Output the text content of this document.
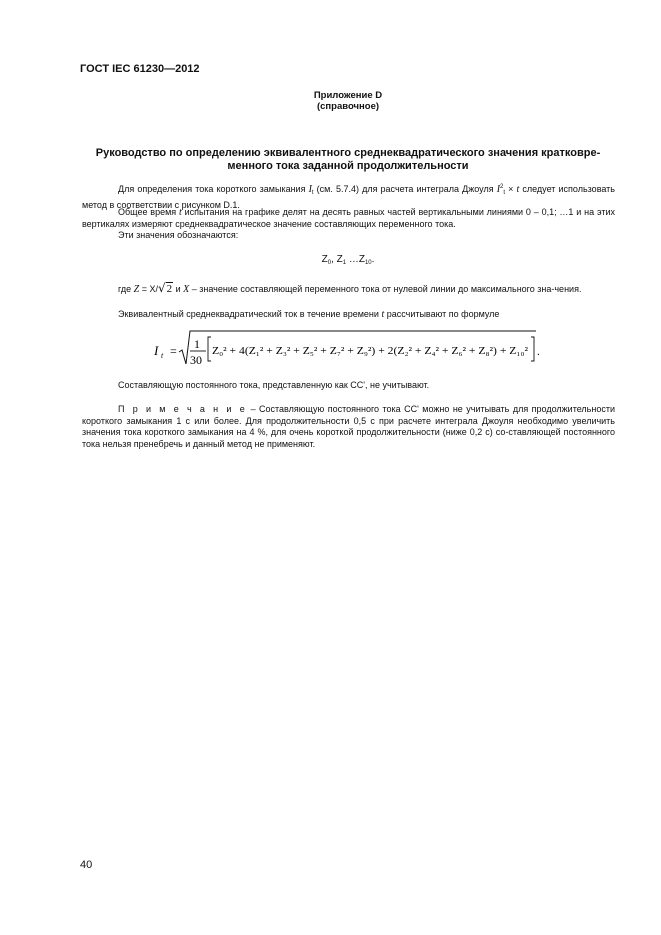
ГОСТ IEC 61230—2012
Приложение D
(справочное)
Руководство по определению эквивалентного среднеквадратического значения кратковре-
менного тока заданной продолжительности
Для определения тока короткого замыкания $I_t$ (см. 5.7.4) для расчета интеграла Джоуля $I^2_t \times t$ следует использовать метод в соответствии с рисунком D.1.
Общее время t испытания на графике делят на десять равных частей вертикальными линиями 0 – 0,1; …1 и на этих вертикалях измеряют среднеквадратическое значение составляющих переменного тока.
Эти значения обозначаются:
$Z_0$, $Z_1$ $\dots Z_{10}$.
где Z = X/√2 и X – значение составляющей переменного тока от нулевой линии до максимального зна-чения.
Эквивалентный среднеквадратический ток в течение времени t рассчитывают по формуле
I t = 1
30
Z₀² + 4(Z₁² + Z₃² + Z₅² + Z₇² + Z₉²) + 2(Z₂² + Z₄² + Z₆² + Z₈²) + Z₁₀² .
Составляющую постоянного тока, представленную как СС', не учитывают.
П р и м е ч а н и е – Составляющую постоянного тока СС' можно не учитывать для продолжительности короткого замыкания 1 с или более. Для продолжительности 0,5 с при расчете интеграла Джоуля необходимо увеличить значения тока короткого замыкания на 4 %, для очень короткой продолжительности (ниже 0,2 с) со-ставляющей постоянного тока нельзя пренебречь и данный метод не применяют.
40
